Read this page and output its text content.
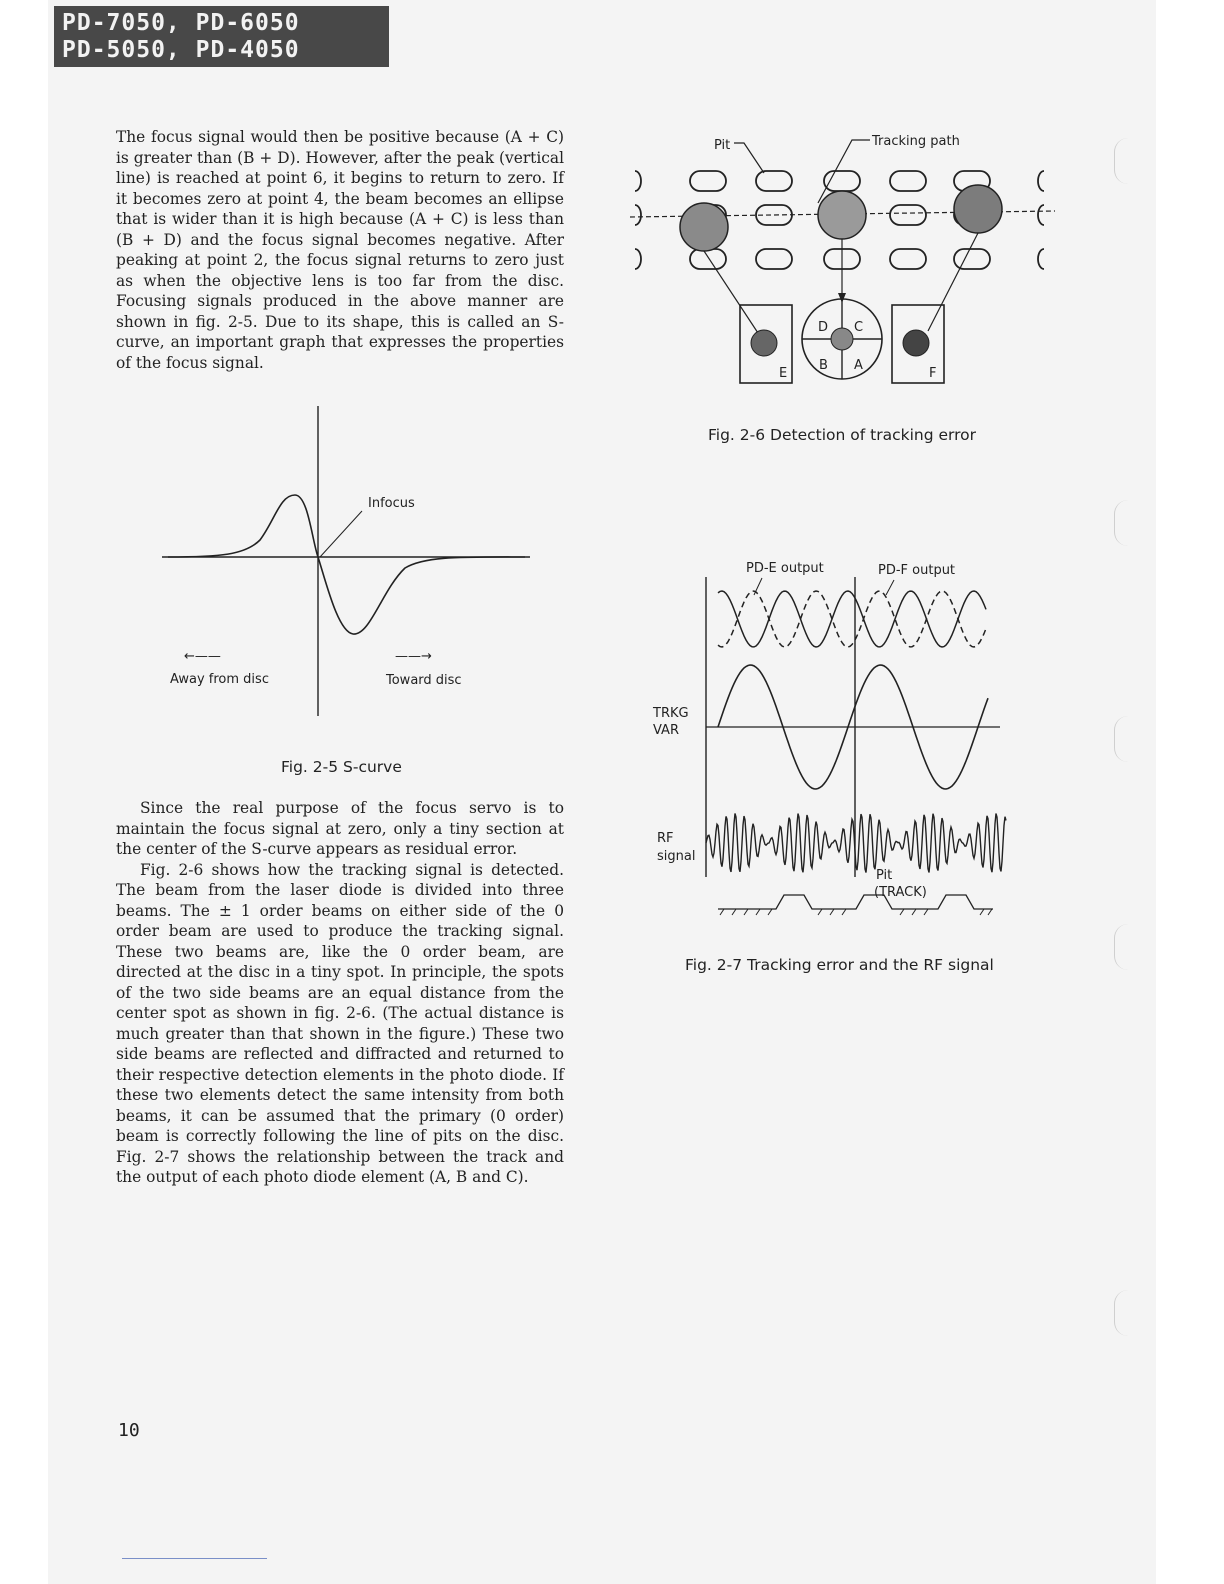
PD-7050, PD-6050
PD-5050, PD-4050

The focus signal would then be positive because (A + C) is greater than (B + D). However, after the peak (vertical line) is reached at point 6, it begins to return to zero. If it becomes zero at point 4, the beam becomes an ellipse that is wider than it is high because (A + C) is less than (B + D) and the focus signal becomes negative. After peaking at point 2, the focus signal returns to zero just as when the objective lens is too far from the disc. Focusing signals produced in the above manner are shown in fig. 2-5. Due to its shape, this is called an S-curve, an important graph that expresses the properties of the focus signal.

Infocus
←——	——→
Away from disc	Toward disc
Fig. 2-5 S-curve

Since the real purpose of the focus servo is to maintain the focus signal at zero, only a tiny section at the center of the S-curve appears as residual error.

Fig. 2-6 shows how the tracking signal is detected. The beam from the laser diode is divided into three beams. The ± 1 order beams on either side of the 0 order beam are used to produce the tracking signal. These two beams are, like the 0 order beam, are directed at the disc in a tiny spot. In principle, the spots of the two side beams are an equal distance from the center spot as shown in fig. 2-6. (The actual distance is much greater than that shown in the figure.) These two side beams are reflected and diffracted and returned to their respective detection elements in the photo diode. If these two elements detect the same intensity from both beams, it can be assumed that the primary (0 order) beam is correctly following the line of pits on the disc. Fig. 2-7 shows the relationship between the track and the output of each photo diode element (A, B and C).

Pit	Tracking path
E
D C
B A
F
Fig. 2-6 Detection of tracking error
PD-E output	PD-F output
TRKG
VAR
RF
signal
Pit
(TRACK)
Fig. 2-7 Tracking error and the RF signal
10
